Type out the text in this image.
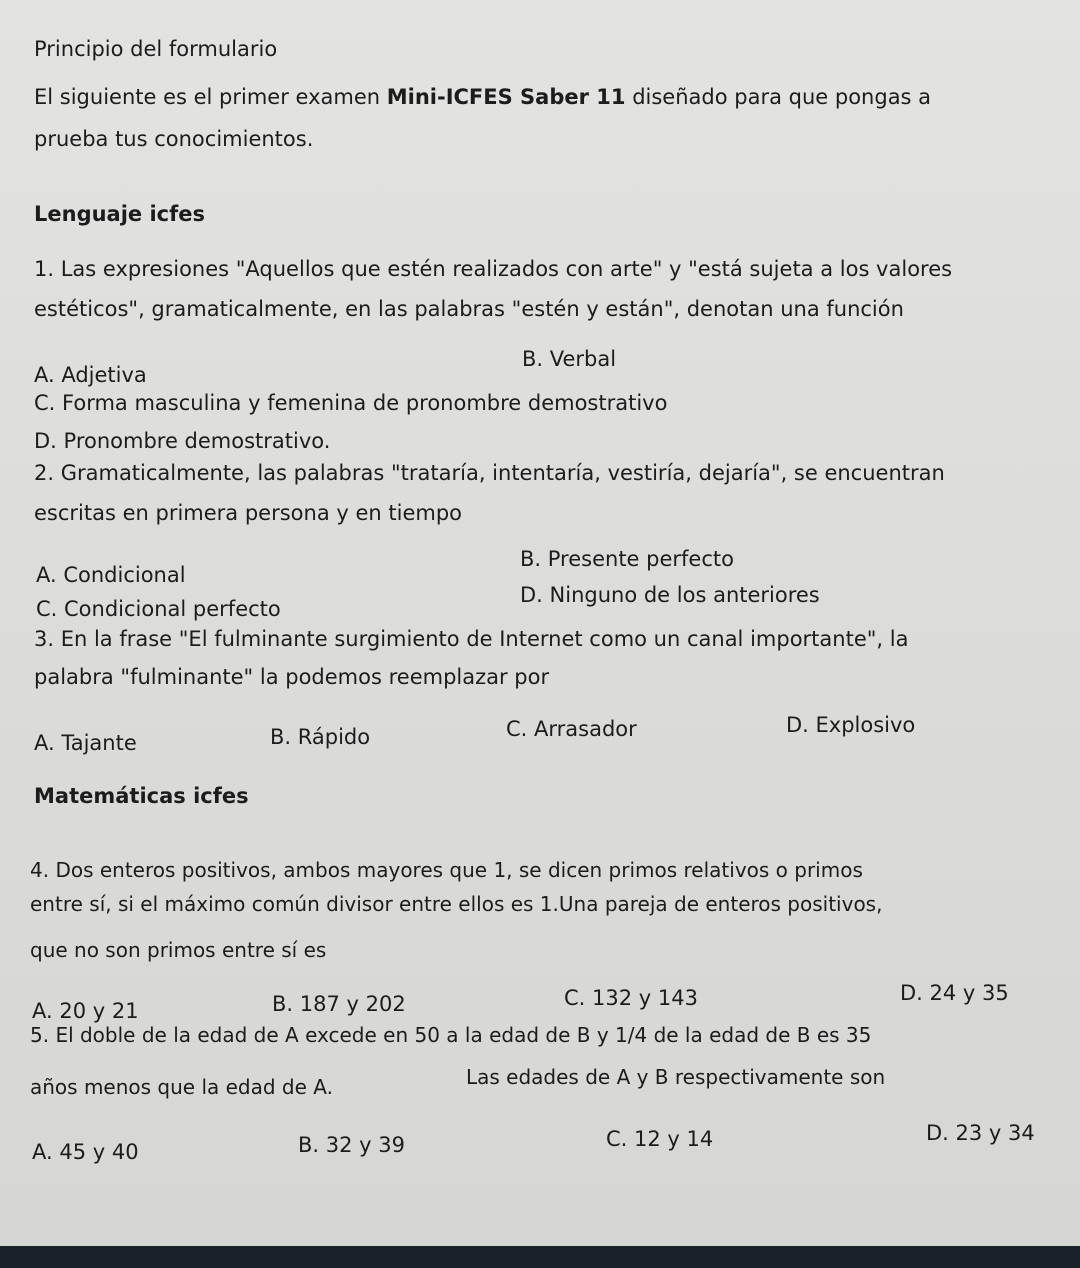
Principio del formulario
El siguiente es el primer examen Mini-ICFES Saber 11 diseñado para que pongas a
prueba tus conocimientos.
Lenguaje icfes
1. Las expresiones "Aquellos que estén realizados con arte" y "está sujeta a los valores
estéticos", gramaticalmente, en las palabras "estén y están", denotan una función
A. Adjetiva
B. Verbal
C. Forma masculina y femenina de pronombre demostrativo
D. Pronombre demostrativo.
2. Gramaticalmente, las palabras "trataría, intentaría, vestiría, dejaría", se encuentran
escritas en primera persona y en tiempo
A. Condicional
B. Presente perfecto
C. Condicional perfecto
D. Ninguno de los anteriores
3. En la frase "El fulminante surgimiento de Internet como un canal importante", la
palabra "fulminante" la podemos reemplazar por
A. Tajante	B. Rápido	C. Arrasador	D. Explosivo
Matemáticas icfes
4. Dos enteros positivos, ambos mayores que 1, se dicen primos relativos o primos
entre sí, si el máximo común divisor entre ellos es 1.Una pareja de enteros positivos,
que no son primos entre sí es
A. 20 y 21	B. 187 y 202	C. 132 y 143	D. 24 y 35
5. El doble de la edad de A excede en 50 a la edad de B y 1/4 de la edad de B es 35
años menos que la edad de A.	Las edades de A y B respectivamente son
A. 45 y 40	B. 32 y 39	C. 12 y 14	D. 23 y 34
